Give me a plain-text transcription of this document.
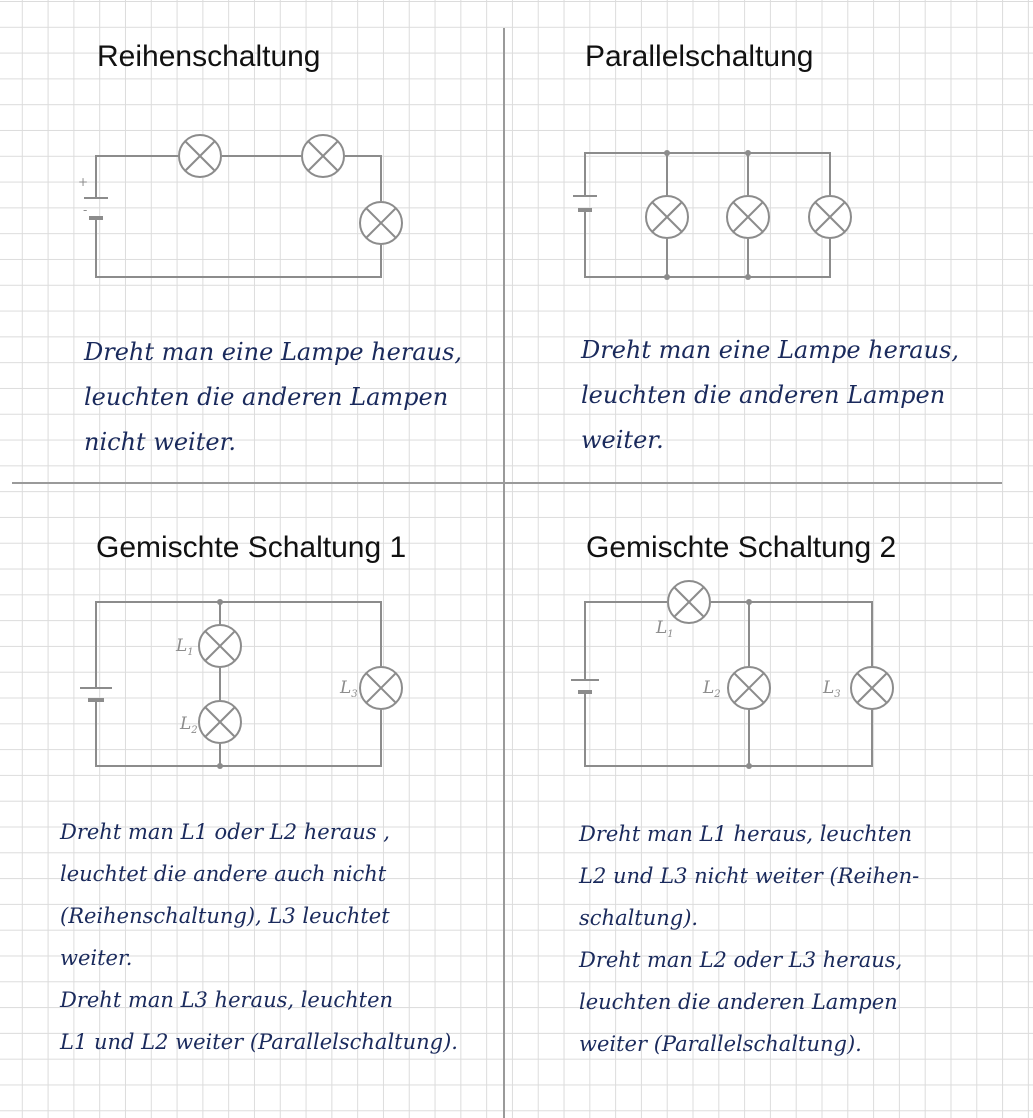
Reihenschaltung
+
-
Dreht man eine Lampe heraus,
leuchten die anderen Lampen
nicht weiter.
Parallelschaltung
Dreht man eine Lampe heraus,
leuchten die anderen Lampen
weiter.
Gemischte Schaltung 1
$L_1$
$L_2$
$L_3$
Dreht man L1 oder L2 heraus ,
leuchtet die andere auch nicht
(Reihenschaltung), L3 leuchtet
weiter.
Dreht man L3 heraus, leuchten
L1 und L2 weiter (Parallelschaltung).
Gemischte Schaltung 2
$L_1$
$L_2$	$L_3$
Dreht man L1 heraus, leuchten
L2 und L3 nicht weiter (Reihen-
schaltung).
Dreht man L2 oder L3 heraus,
leuchten die anderen Lampen
weiter (Parallelschaltung).
